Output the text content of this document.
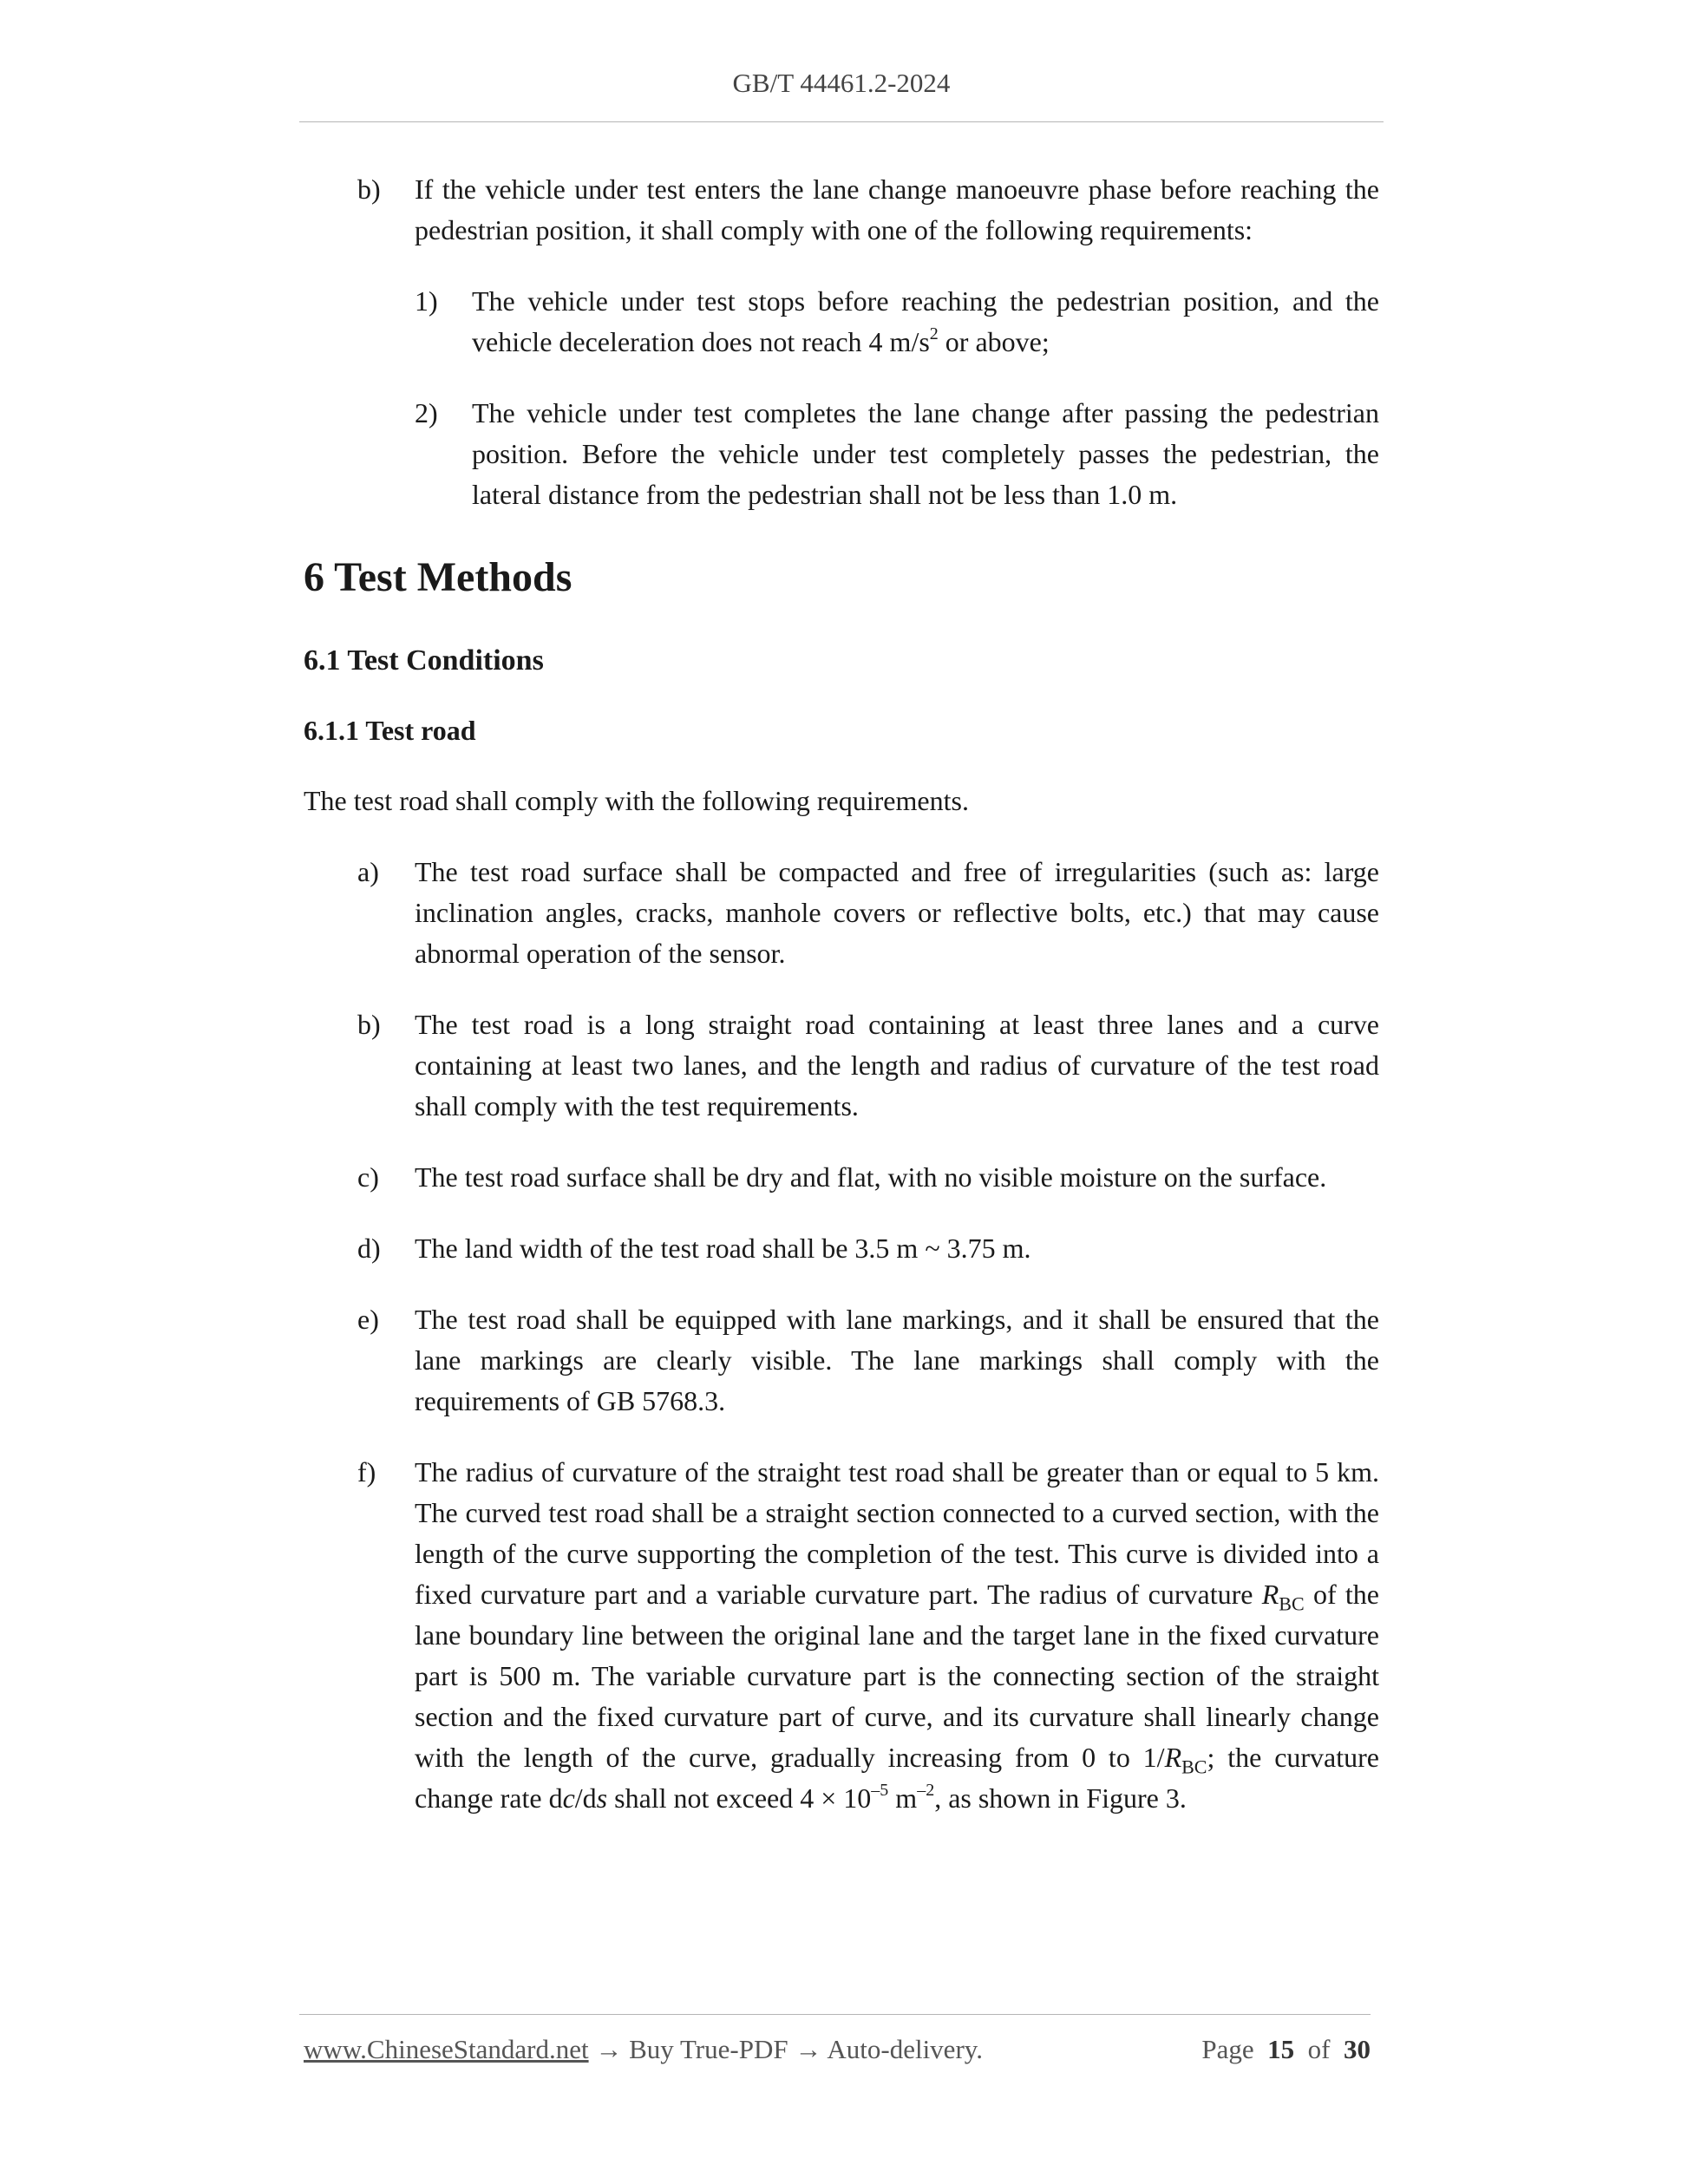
GB/T 44461.2-2024
b)	If the vehicle under test enters the lane change manoeuvre phase before reaching the pedestrian position, it shall comply with one of the following requirements:
1)	The vehicle under test stops before reaching the pedestrian position, and the vehicle deceleration does not reach 4 $m/s^2$ or above;
2)	The vehicle under test completes the lane change after passing the pedestrian position. Before the vehicle under test completely passes the pedestrian, the lateral distance from the pedestrian shall not be less than 1.0 m.
6 Test Methods
6.1 Test Conditions
6.1.1 Test road

The test road shall comply with the following requirements.

a)	The test road surface shall be compacted and free of irregularities (such as: large inclination angles, cracks, manhole covers or reflective bolts, etc.) that may cause abnormal operation of the sensor.
b)	The test road is a long straight road containing at least three lanes and a curve containing at least two lanes, and the length and radius of curvature of the test road shall comply with the test requirements.
c)	The test road surface shall be dry and flat, with no visible moisture on the surface.
d)	The land width of the test road shall be 3.5 m ~ 3.75 m.
e)	The test road shall be equipped with lane markings, and it shall be ensured that the lane markings are clearly visible. The lane markings shall comply with the requirements of GB 5768.3.
f)	The radius of curvature of the straight test road shall be greater than or equal to 5 km. The curved test road shall be a straight section connected to a curved section, with the length of the curve supporting the completion of the test. This curve is divided into a fixed curvature part and a variable curvature part. The radius of curvature $R_{BC}$ of the lane boundary line between the original lane and the target lane in the fixed curvature part is 500 m. The variable curvature part is the connecting section of the straight section and the fixed curvature part of curve, and its curvature shall linearly change with the length of the curve, gradually increasing from 0 to $1/R_{BC}$; the curvature change rate dc/ds shall not exceed $4 \times 10^{-5}$ $m^{-2}$, as shown in Figure 3.
www.ChineseStandard.net → Buy True-PDF → Auto-delivery.	Page 15 of 30
